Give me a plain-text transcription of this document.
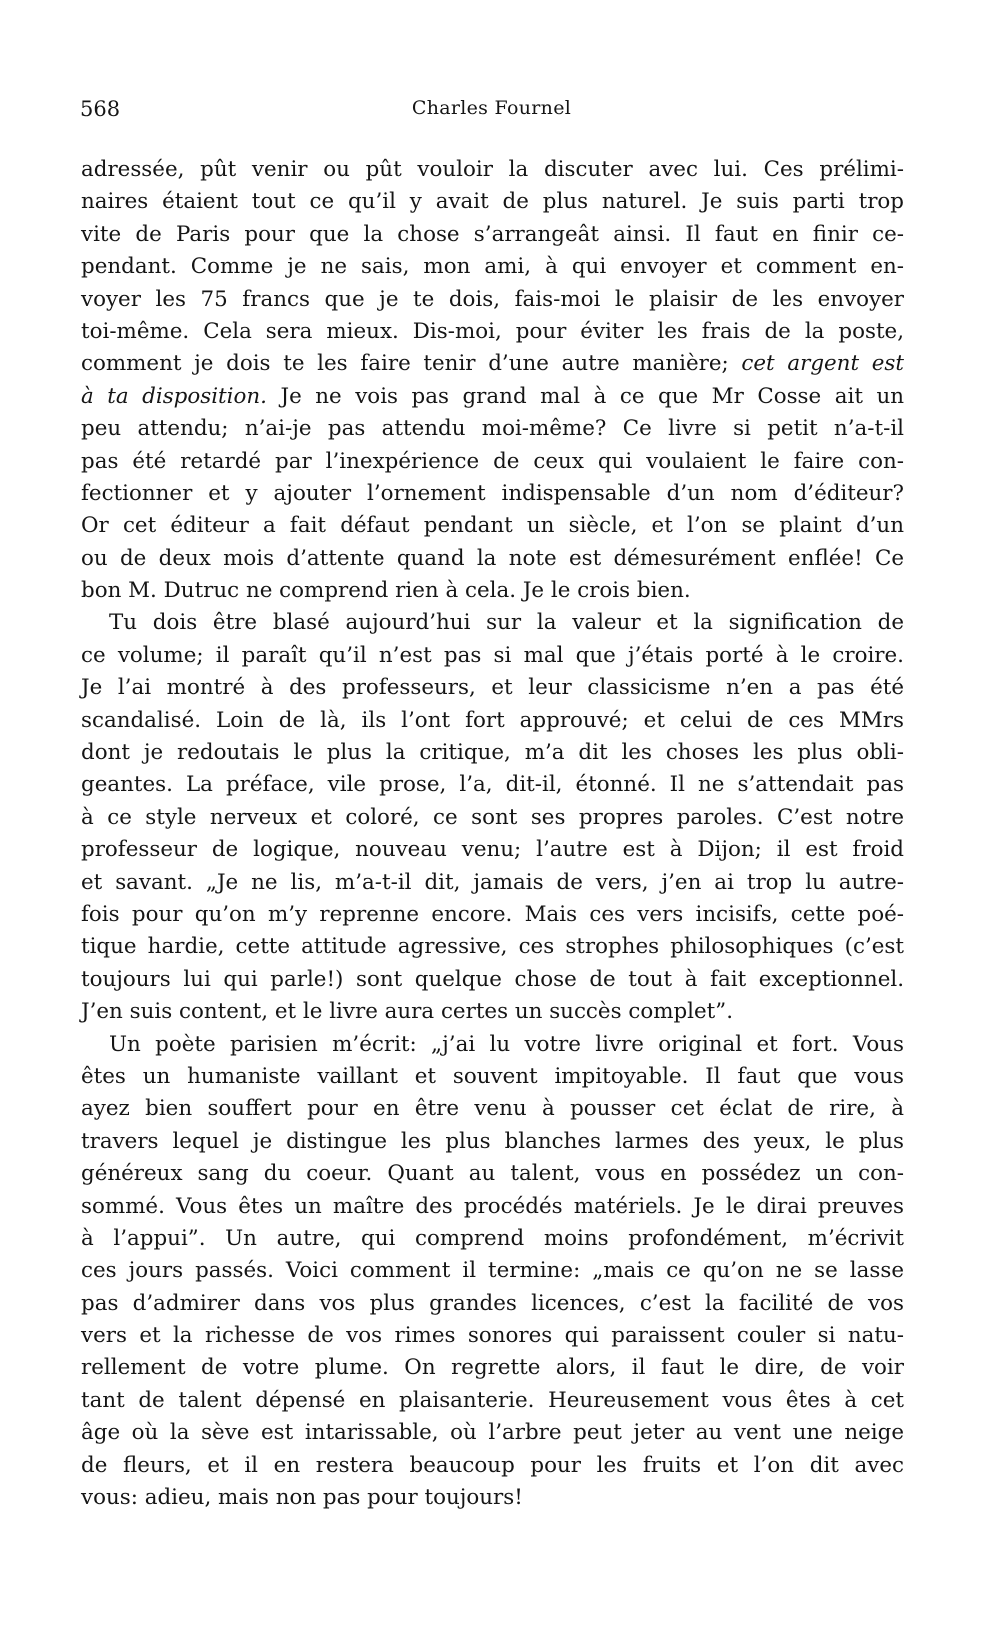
568	Charles Fournel
adressée, pût venir ou pût vouloir la discuter avec lui. Ces prélimi-
naires étaient tout ce qu’il y avait de plus naturel. Je suis parti trop
vite de Paris pour que la chose s’arrangeât ainsi. Il faut en finir ce-
pendant. Comme je ne sais, mon ami, à qui envoyer et comment en-
voyer les 75 francs que je te dois, fais-moi le plaisir de les envoyer
toi-même. Cela sera mieux. Dis-moi, pour éviter les frais de la poste,
comment je dois te les faire tenir d’une autre manière; cet argent est
à ta disposition. Je ne vois pas grand mal à ce que Mr Cosse ait un
peu attendu; n’ai-je pas attendu moi-même? Ce livre si petit n’a-t-il
pas été retardé par l’inexpérience de ceux qui voulaient le faire con-
fectionner et y ajouter l’ornement indispensable d’un nom d’éditeur?
Or cet éditeur a fait défaut pendant un siècle, et l’on se plaint d’un
ou de deux mois d’attente quand la note est démesurément enflée! Ce
bon M. Dutruc ne comprend rien à cela. Je le crois bien.
Tu dois être blasé aujourd’hui sur la valeur et la signification de
ce volume; il paraît qu’il n’est pas si mal que j’étais porté à le croire.
Je l’ai montré à des professeurs, et leur classicisme n’en a pas été
scandalisé. Loin de là, ils l’ont fort approuvé; et celui de ces MMrs
dont je redoutais le plus la critique, m’a dit les choses les plus obli-
geantes. La préface, vile prose, l’a, dit-il, étonné. Il ne s’attendait pas
à ce style nerveux et coloré, ce sont ses propres paroles. C’est notre
professeur de logique, nouveau venu; l’autre est à Dijon; il est froid
et savant. „Je ne lis, m’a-t-il dit, jamais de vers, j’en ai trop lu autre-
fois pour qu’on m’y reprenne encore. Mais ces vers incisifs, cette poé-
tique hardie, cette attitude agressive, ces strophes philosophiques (c’est
toujours lui qui parle!) sont quelque chose de tout à fait exceptionnel.
J’en suis content, et le livre aura certes un succès complet”.
Un poète parisien m’écrit: „j’ai lu votre livre original et fort. Vous
êtes un humaniste vaillant et souvent impitoyable. Il faut que vous
ayez bien souffert pour en être venu à pousser cet éclat de rire, à
travers lequel je distingue les plus blanches larmes des yeux, le plus
généreux sang du coeur. Quant au talent, vous en possédez un con-
sommé. Vous êtes un maître des procédés matériels. Je le dirai preuves
à l’appui”. Un autre, qui comprend moins profondément, m’écrivit
ces jours passés. Voici comment il termine: „mais ce qu’on ne se lasse
pas d’admirer dans vos plus grandes licences, c’est la facilité de vos
vers et la richesse de vos rimes sonores qui paraissent couler si natu-
rellement de votre plume. On regrette alors, il faut le dire, de voir
tant de talent dépensé en plaisanterie. Heureusement vous êtes à cet
âge où la sève est intarissable, où l’arbre peut jeter au vent une neige
de fleurs, et il en restera beaucoup pour les fruits et l’on dit avec
vous: adieu, mais non pas pour toujours!
